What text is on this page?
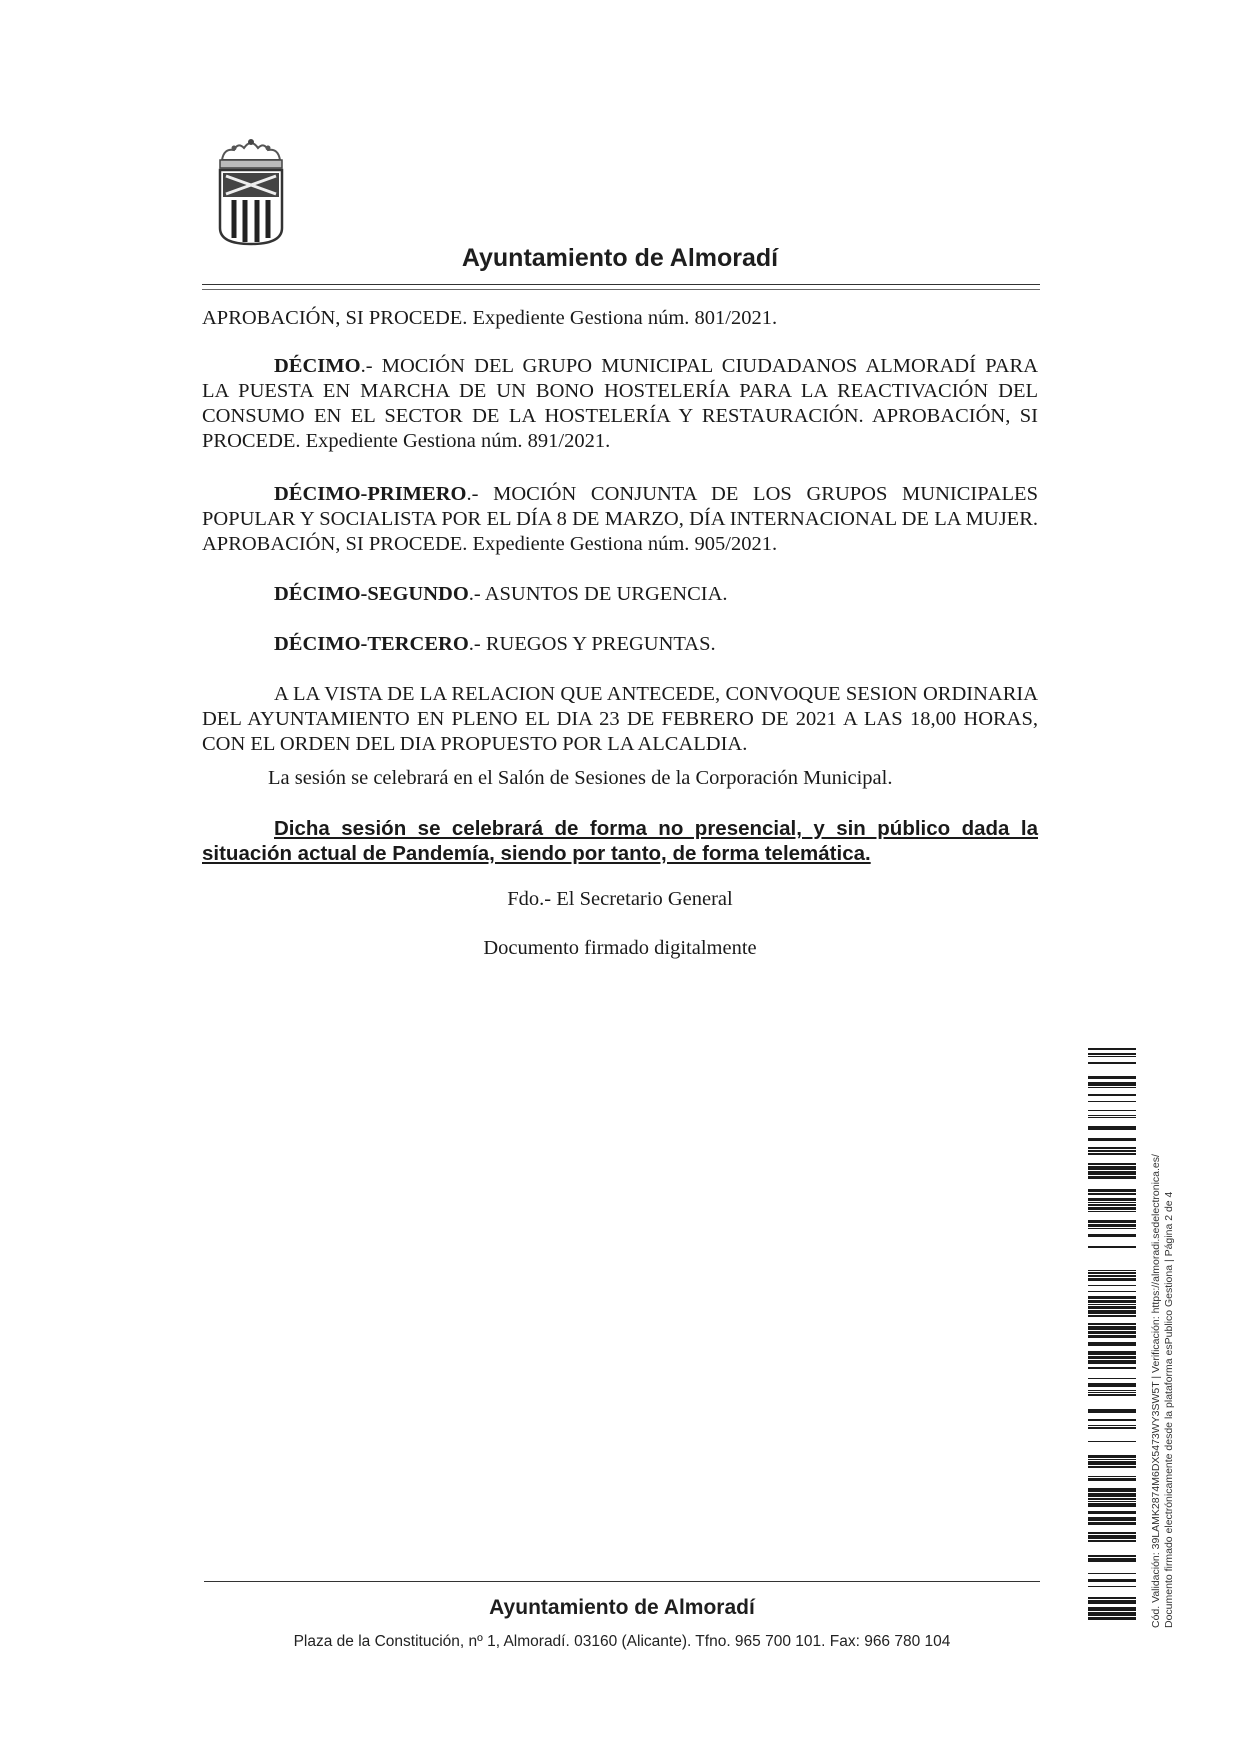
Ayuntamiento de Almoradí
APROBACIÓN, SI PROCEDE. Expediente Gestiona núm. 801/2021.
DÉCIMO.- MOCIÓN DEL GRUPO MUNICIPAL CIUDADANOS ALMORADÍ PARA LA PUESTA EN MARCHA DE UN BONO HOSTELERÍA PARA LA REACTIVACIÓN DEL CONSUMO EN EL SECTOR DE LA HOSTELERÍA Y RESTAURACIÓN. APROBACIÓN, SI PROCEDE. Expediente Gestiona núm. 891/2021.
DÉCIMO-PRIMERO.- MOCIÓN CONJUNTA DE LOS GRUPOS MUNICIPALES POPULAR Y SOCIALISTA POR EL DÍA 8 DE MARZO, DÍA INTERNACIONAL DE LA MUJER. APROBACIÓN, SI PROCEDE. Expediente Gestiona núm. 905/2021.
DÉCIMO-SEGUNDO.- ASUNTOS DE URGENCIA.
DÉCIMO-TERCERO.- RUEGOS Y PREGUNTAS.
A LA VISTA DE LA RELACION QUE ANTECEDE, CONVOQUE SESION ORDINARIA DEL AYUNTAMIENTO EN PLENO EL DIA 23 DE FEBRERO DE 2021 A LAS 18,00 HORAS, CON EL ORDEN DEL DIA PROPUESTO POR LA ALCALDIA.
La sesión se celebrará en el Salón de Sesiones de la Corporación Municipal.
Dicha sesión se celebrará de forma no presencial, y sin público dada la situación actual de Pandemía, siendo por tanto, de forma telemática.
Fdo.- El Secretario General
Documento firmado digitalmente
Cód. Validación: 39LAMK2874M6DX5473WY3SW5T | Verificación: https://almoradi.sedelectronica.es/ Documento firmado electrónicamente desde la plataforma esPublico Gestiona | Página 2 de 4
Ayuntamiento de Almoradí
Plaza de la Constitución, nº 1, Almoradí. 03160 (Alicante). Tfno. 965 700 101. Fax: 966 780 104
